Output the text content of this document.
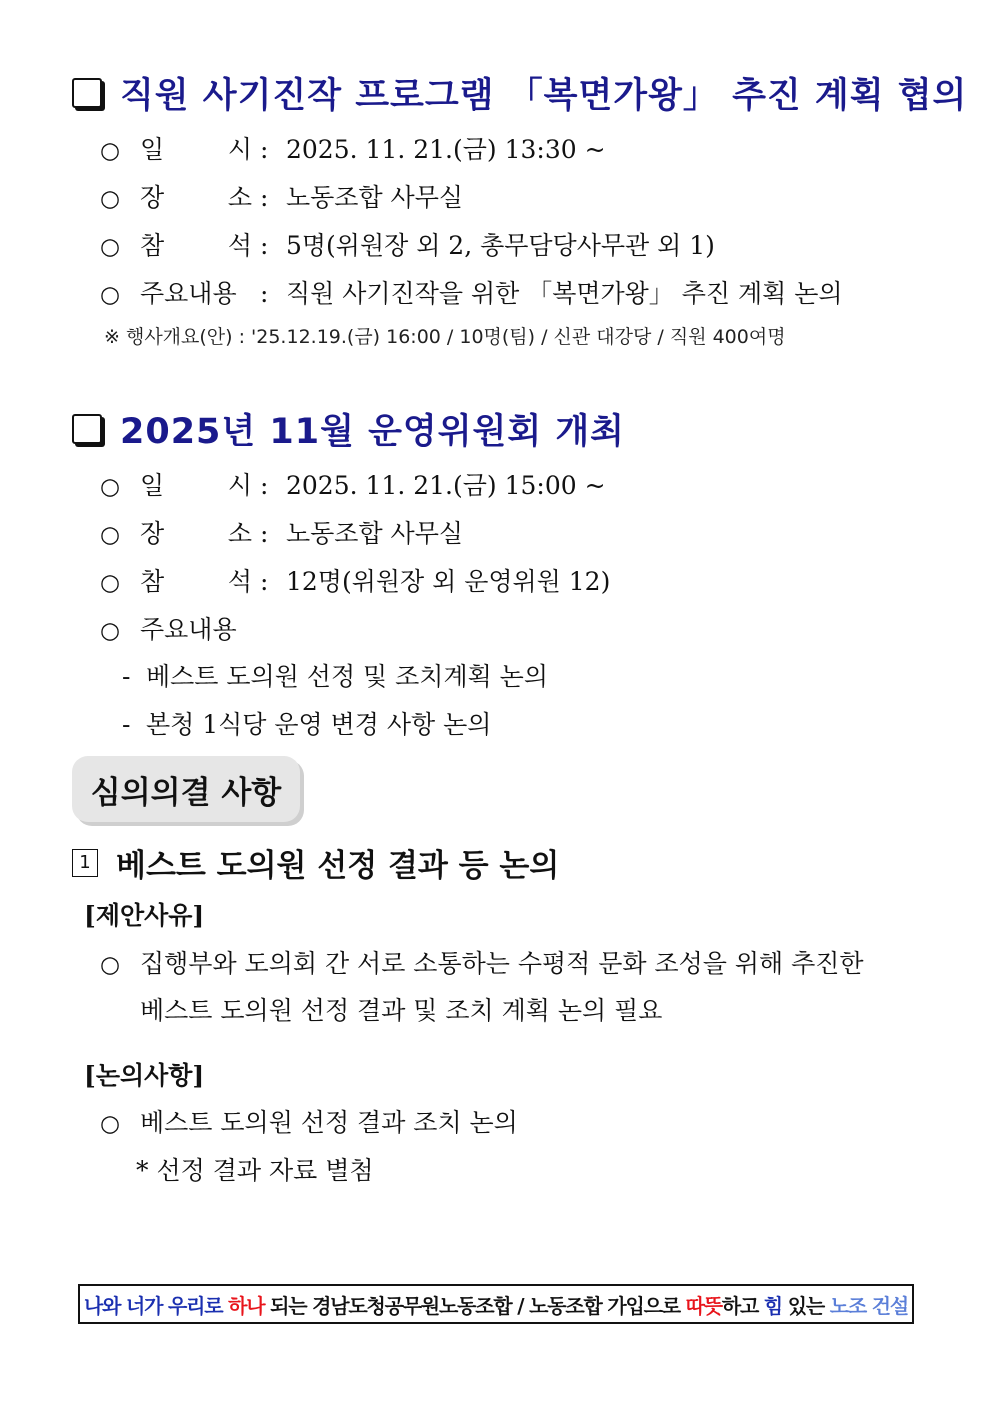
직원 사기진작 프로그램 「복면가왕」 추진 계획 협의
○ 일	시 : 2025. 11. 21.(금) 13:30 ~
○ 장	소 : 노동조합 사무실
○ 참	석 : 5명(위원장 외 2, 총무담당사무관 외 1)
○ 주요내용 : 직원 사기진작을 위한 「복면가왕」 추진 계획 논의
※ 행사개요(안) : '25.12.19.(금) 16:00 / 10명(팀) / 신관 대강당 / 직원 400여명
2025년 11월 운영위원회 개최
○ 일	시 : 2025. 11. 21.(금) 15:00 ~
○ 장	소 : 노동조합 사무실
○ 참	석 : 12명(위원장 외 운영위원 12)
○ 주요내용
- 베스트 도의원 선정 및 조치계획 논의
- 본청 1식당 운영 변경 사항 논의
심의의결 사항
1 베스트 도의원 선정 결과 등 논의
[제안사유]
○ 집행부와 도의회 간 서로 소통하는 수평적 문화 조성을 위해 추진한
베스트 도의원 선정 결과 및 조치 계획 논의 필요
[논의사항]
○ 베스트 도의원 선정 결과 조치 논의
* 선정 결과 자료 별첨
나와 너가 우리로 하나 되는 경남도청공무원노동조합 / 노동조합 가입으로 따뜻 하고 힘 있는 노조 건설
